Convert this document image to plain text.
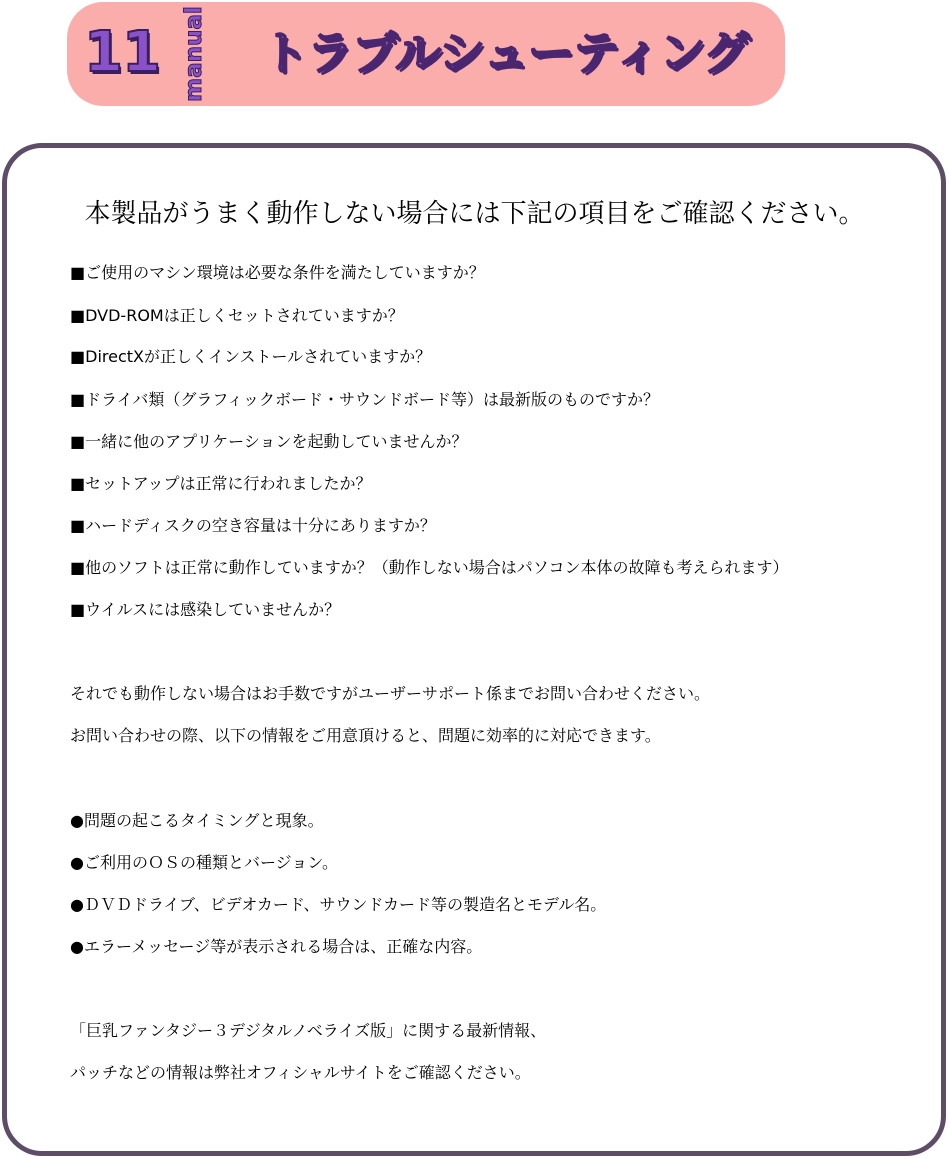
11 manual トラブルシューティング
本製品がうまく動作しない場合には下記の項目をご確認ください。
■ご使用のマシン環境は必要な条件を満たしていますか？
■DVD-ROMは正しくセットされていますか？
■DirectXが正しくインストールされていますか？
■ドライバ類（グラフィックボード・サウンドボード等）は最新版のものですか？
■一緒に他のアプリケーションを起動していませんか？
■セットアップは正常に行われましたか？
■ハードディスクの空き容量は十分にありますか？
■他のソフトは正常に動作していますか？（動作しない場合はパソコン本体の故障も考えられます）
■ウイルスには感染していませんか？
それでも動作しない場合はお手数ですがユーザーサポート係までお問い合わせください。
お問い合わせの際、以下の情報をご用意頂けると、問題に効率的に対応できます。
●問題の起こるタイミングと現象。
●ご利用のＯＳの種類とバージョン。
●ＤＶＤドライブ、ビデオカード、サウンドカード等の製造名とモデル名。
●エラーメッセージ等が表示される場合は、正確な内容。
「巨乳ファンタジー３デジタルノベライズ版」に関する最新情報、
パッチなどの情報は弊社オフィシャルサイトをご確認ください。
